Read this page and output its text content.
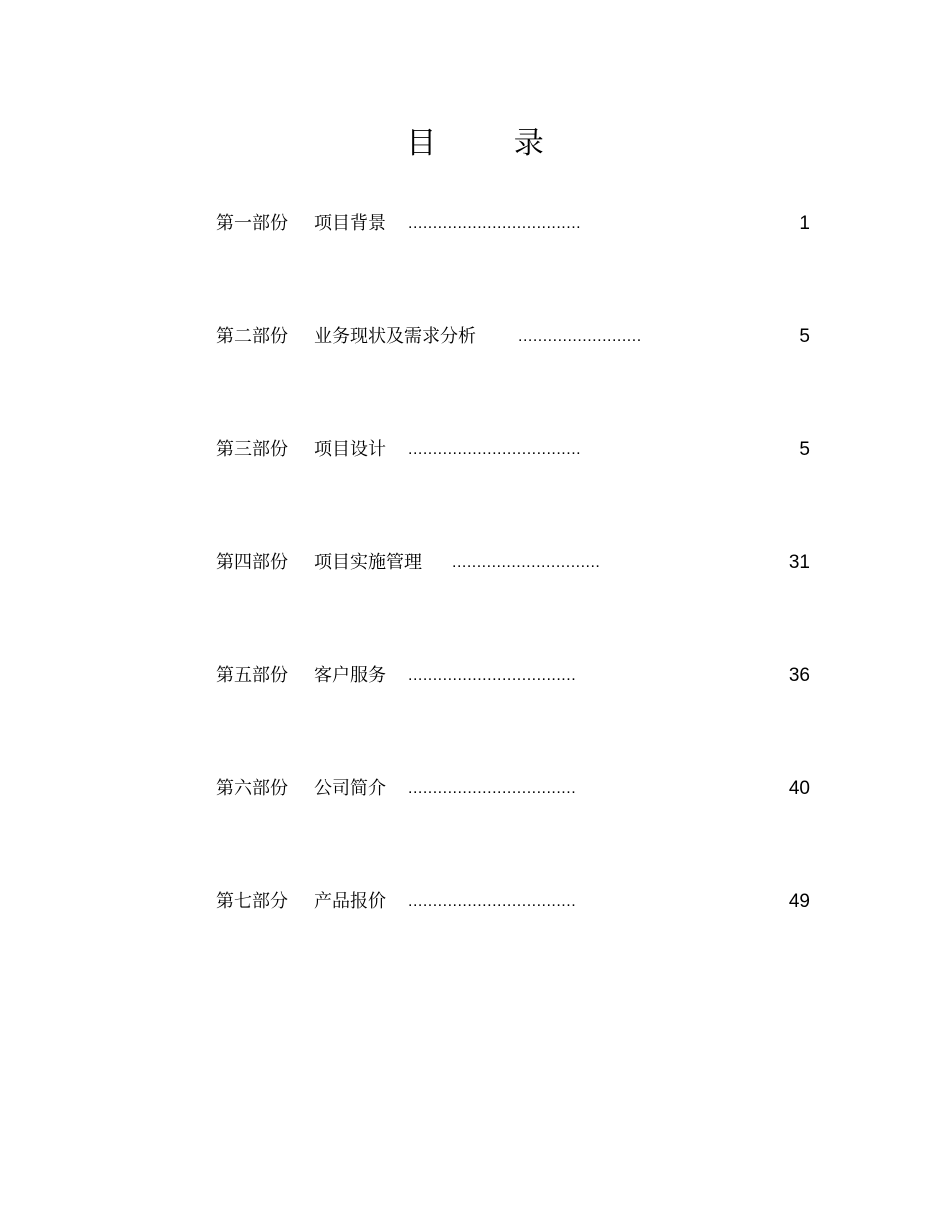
目 录
第一部份 项目背景 ...................................	1
第二部份 业务现状及需求分析	.........................	5
第三部份 项目设计 ...................................	5
第四部份 项目实施管理 ..............................	31
第五部份 客户服务 ..................................	36
第六部份 公司简介 ..................................	40
第七部分 产品报价 ..................................	49
